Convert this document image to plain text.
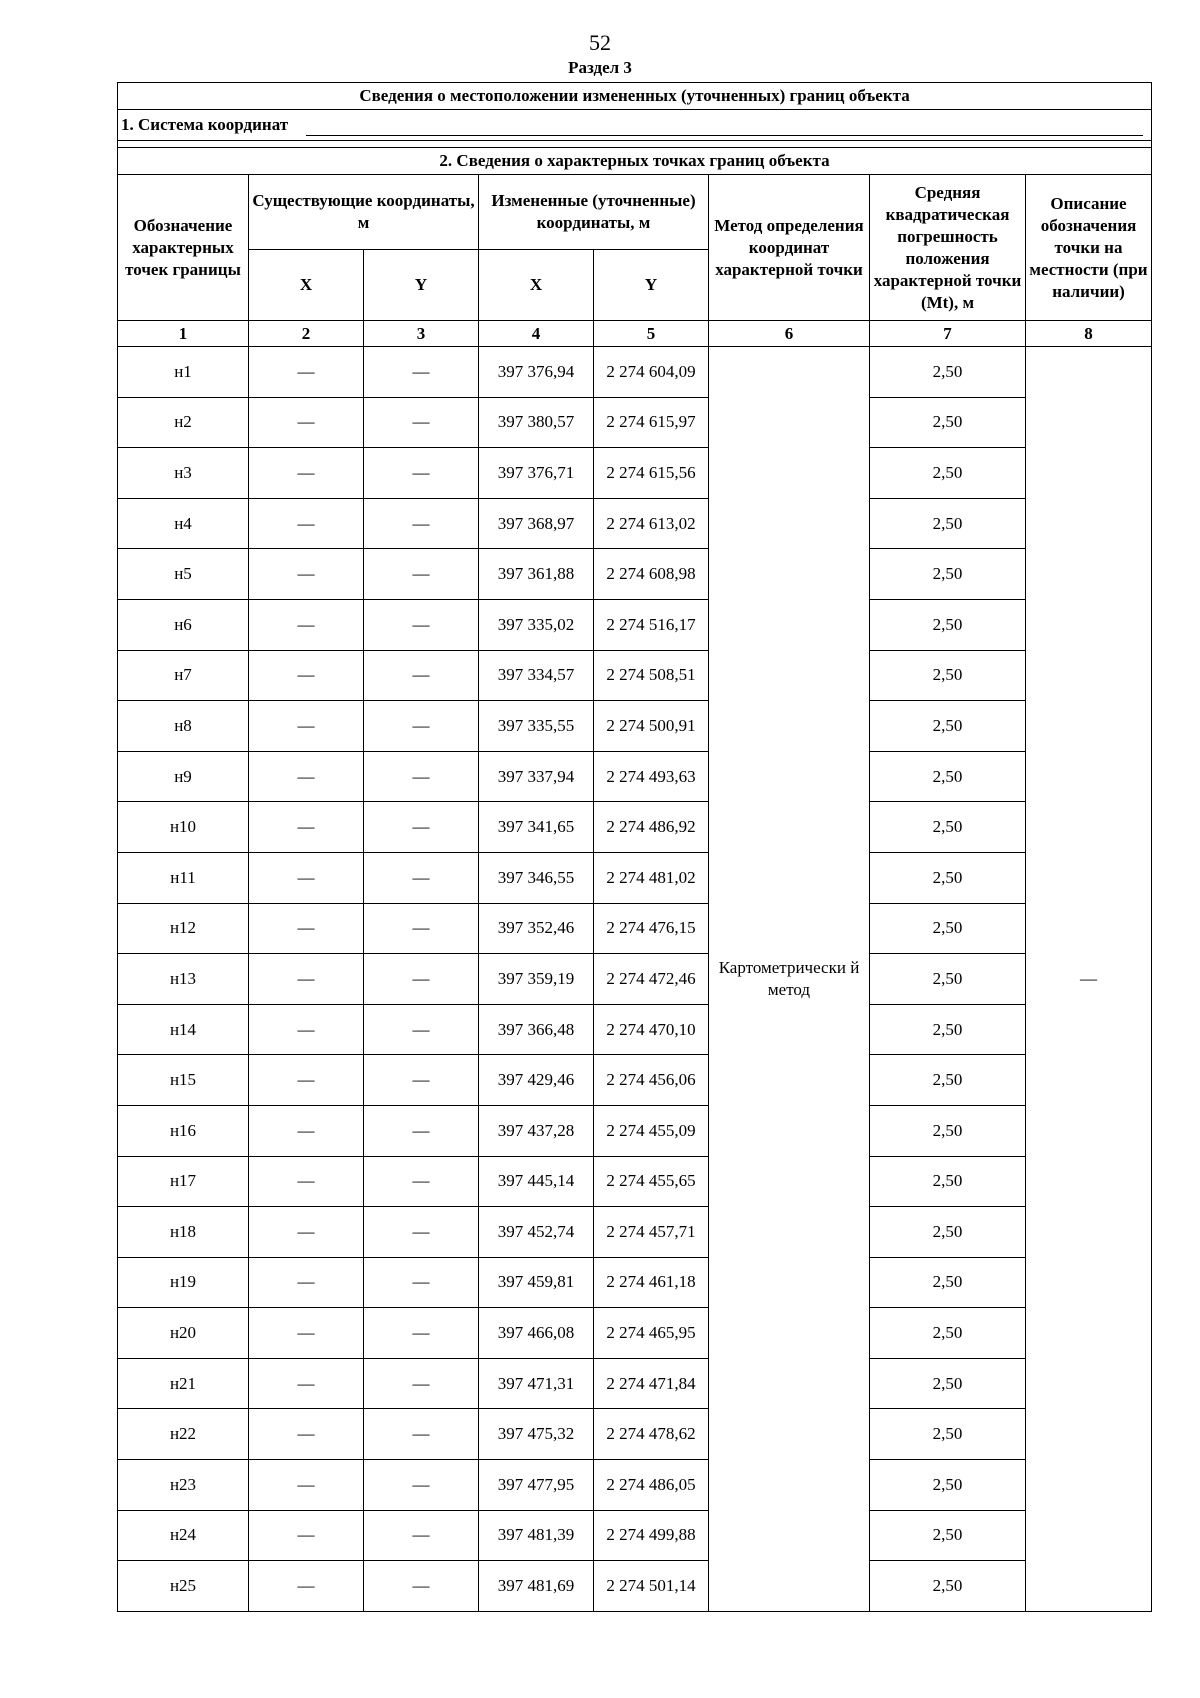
52
Раздел 3
Сведения о местоположении измененных (уточненных) границ объекта							

1. Система координат							

2. Сведения о характерных точках границ объекта							
Обозначение характерных точек границы	Существующие координаты, м		Измененные (уточненные) координаты, м		Метод определения координат характерной точки	Средняя квадратическая погрешность положения характерной точки (Mt), м	Описание обозначения точки на местности (при наличии)
	X	Y	X	Y			
1	2	3	4	5	6	7	8
н1	—	—	397 376,94	2 274 604,09	Картометрически й метод	2,50	—
н2	—	—	397 380,57	2 274 615,97		2,50	
н3	—	—	397 376,71	2 274 615,56		2,50	
н4	—	—	397 368,97	2 274 613,02		2,50	
н5	—	—	397 361,88	2 274 608,98		2,50	
н6	—	—	397 335,02	2 274 516,17		2,50	
н7	—	—	397 334,57	2 274 508,51		2,50	
н8	—	—	397 335,55	2 274 500,91		2,50	
н9	—	—	397 337,94	2 274 493,63		2,50	
н10	—	—	397 341,65	2 274 486,92		2,50	
н11	—	—	397 346,55	2 274 481,02		2,50	
н12	—	—	397 352,46	2 274 476,15		2,50	
н13	—	—	397 359,19	2 274 472,46		2,50	
н14	—	—	397 366,48	2 274 470,10		2,50	
н15	—	—	397 429,46	2 274 456,06		2,50	
н16	—	—	397 437,28	2 274 455,09		2,50	
н17	—	—	397 445,14	2 274 455,65		2,50	
н18	—	—	397 452,74	2 274 457,71		2,50	
н19	—	—	397 459,81	2 274 461,18		2,50	
н20	—	—	397 466,08	2 274 465,95		2,50	
н21	—	—	397 471,31	2 274 471,84		2,50	
н22	—	—	397 475,32	2 274 478,62		2,50	
н23	—	—	397 477,95	2 274 486,05		2,50	
н24	—	—	397 481,39	2 274 499,88		2,50	
н25	—	—	397 481,69	2 274 501,14		2,50	
